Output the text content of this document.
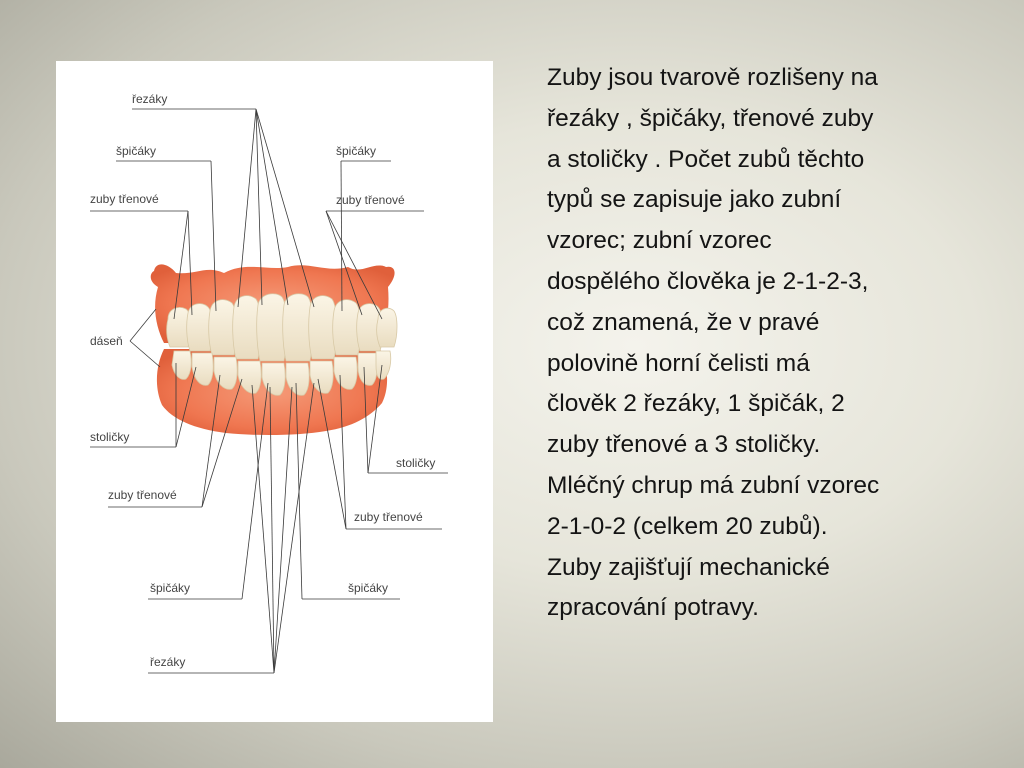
řezáky
špičáky	špičáky
zuby třenové	zuby třenové
dáseň
stoličky
stoličky
zuby třenové
zuby třenové
špičáky	špičáky
řezáky

Zuby jsou tvarově rozlišeny na
řezáky , špičáky, třenové zuby
a stoličky . Počet zubů těchto
typů se zapisuje jako zubní
vzorec; zubní vzorec
dospělého člověka je 2-1-2-3,
což znamená, že v pravé
polovině horní čelisti má
člověk 2 řezáky, 1 špičák, 2
zuby třenové a 3 stoličky.
Mléčný chrup má zubní vzorec
2-1-0-2 (celkem 20 zubů).
Zuby zajišťují mechanické
zpracování potravy.
